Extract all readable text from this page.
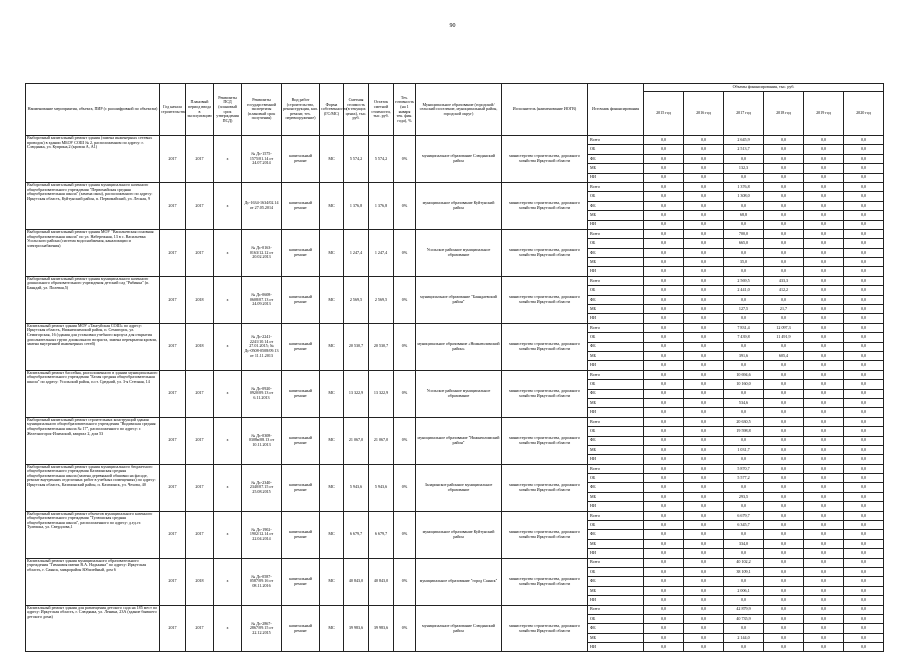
90
Наименование мероприятия, объекта, ПИР (с расшифровкой по объектам)	Год начала строительства	Плановый период ввода в эксплуатацию	Реквизиты ПСД (плановый срок утверждения ПСД)	Реквизиты государственной экспертизы (плановый срок получения)	Вид работ (строительство, реконструкция, кап. ремонт, тех. перевооружение)	Форма собственности (ГС/МС)	Сметная стоимость (в текущих ценах), тыс. руб.	Остаток сметной стоимости, тыс. руб.	Тех. готовность (на 1 января тек. фин. года), %	Муниципальное образование (городской/сельский поселение, муниципальный район, городской округ)	Исполнитель (наименование ИОГВ)	Источник финансирования	Объемы финансирования, тыс. руб.					
													2015 год	2016 год	2017 год	2018 год	2019 год	2020 год
Выборочный капитальный ремонт здания (замена инженерных сетевых проводок) в здании МБОУ СОШ № 2, расположенном по адресу: г. Слюдянка, ул. Куприна,2 (кровля А, А1)	2017	2017	x	№ Дс-1575-1575/01.14 от 24.07.2014	капитальный ремонт	МС	5 574,2	5 574,2	0%	муниципальное образование Слюдянский район	министерство строительства, дорожного хозяйства Иркутской области	Всего	0,0	0,0	2 645,9	0,0	0,0	0,0
												ОБ	0,0	0,0	2 513,7	0,0	0,0	0,0
												ФБ	0,0	0,0	0,0	0,0	0,0	0,0
												МБ	0,0	0,0	132,3	0,0	0,0	0,0
												НИ	0,0	0,0	0,0	0,0	0,0	0,0
Выборочный капитальный ремонт здания муниципального казенного общеобразовательного учреждения "Первомайская средняя общеобразовательная школа" (замена окон), расположенного по адресу: Иркутская область, Куйтунский район, п. Первомайский, ул. Лесная, 9	2017	2017	x	Дс-1634-1634/02.14 от 27.05.2014	капитальный ремонт	МС	1 376,8	1 376,8	0%	муниципальное образование Куйтунский район	министерство строительства, дорожного хозяйства Иркутской области	Всего	0,0	0,0	1 376,8	0,0	0,0	0,0
												ОБ	0,0	0,0	1 308,0	0,0	0,0	0,0
												ФБ	0,0	0,0	0,0	0,0	0,0	0,0
												МБ	0,0	0,0	68,8	0,0	0,0	0,0
												НИ	0,0	0,0	0,0	0,0	0,0	0,0
Выборочный капитальный ремонт здания МОУ "Васильевская основная общеобразовательная школа" по ул. Набережная, 13 в с. Васильевка Усольского района (система водоснабжения, канализации и электроснабжения)	2017	2017	x	№ Дс-0163-0163/12.12 от 20.02.2013	капитальный ремонт	МС	1 247,4	1 247,4	0%	Усольское районное муниципальное образование	министерство строительства, дорожного хозяйства Иркутской области	Всего	0,0	0,0	700,0	0,0	0,0	0,0
												ОБ	0,0	0,0	665,0	0,0	0,0	0,0
												ФБ	0,0	0,0	0,0	0,0	0,0	0,0
												МБ	0,0	0,0	35,0	0,0	0,0	0,0
												НИ	0,0	0,0	0,0	0,0	0,0	0,0
Выборочный капитальный ремонт здания муниципального казенного дошкольного образовательного учреждения детский сад "Рябинка" (п. Баяндай, ул. Полевая,5)	2017	2018	x	№ Дс-0608-0608/07.13 от 24.09.2013	капитальный ремонт	МС	2 569,5	2 569,5	0%	муниципальное образование "Баяндаевский район"	министерство строительства, дорожного хозяйства Иркутской области	Всего	0,0	0,0	2 569,5	433,3	0,0	0,0
												ОБ	0,0	0,0	2 441,0	412,2	0,0	0,0
												ФБ	0,0	0,0	0,0	0,0	0,0	0,0
												МБ	0,0	0,0	127,5	21,7	0,0	0,0
												НИ	0,0	0,0	0,0	0,0	0,0	0,0
Капитальный ремонт здания МОУ «Тангуйская СОШ» по адресу: Иркутская область, Нижнеилимский район, п. Семигорск, ул. Семигорская, 16 (здания для установки учебного корпуса для открытия дополнительных групп дошкольного возраста, замена перекрытия кровли, замена внутренней инженерных сетей)	2017	2018	x	№ Дс-2241-2241/10.14 от 27.01.2015; № Дс-0508-0508/09.13 от 11.11.2013	капитальный ремонт	МС	20 530,7	20 530,7	0%	муниципальное образование «Нижнеилимский район»	министерство строительства, дорожного хозяйства Иркутской области	Всего	0,0	0,0	7 831,4	12 097,3	0,0	0,0
												ОБ	0,0	0,0	7 439,8	11 491,9	0,0	0,0
												ФБ	0,0	0,0	0,0	0,0	0,0	0,0
												МБ	0,0	0,0	391,6	605,4	0,0	0,0
												НИ	0,0	0,0	0,0	0,0	0,0	0,0
Капитальный ремонт бассейна, расположенного в здании муниципального общеобразовательного учреждения "Белая средняя общеобразовательная школа" по адресу: Усольский район, п.ст. Средний, ул. 3-я Степная, 14	2017	2017	x	№ Дс-0920-0920/09.13 от 6.11.2013	капитальный ремонт	МС	13 322,9	13 322,9	0%	Усольское районное муниципальное образование	министерство строительства, дорожного хозяйства Иркутской области	Всего	0,0	0,0	10 694,6	0,0	0,0	0,0
												ОБ	0,0	0,0	10 160,0	0,0	0,0	0,0
												ФБ	0,0	0,0	0,0	0,0	0,0	0,0
												МБ	0,0	0,0	534,6	0,0	0,0	0,0
												НИ	0,0	0,0	0,0	0,0	0,0	0,0
Выборочный капитальный ремонт строительных конструкций здания муниципального общеобразовательного учреждения "Видимская средняя общеобразовательная школа № 17", расположенного по адресу: г. Железногорск-Илимский, квартал 2, дом 53	2017	2017	x	№ Дс-0308-0308в/08.13 от 10.11.2013	капитальный ремонт	МС	21 067,0	21 067,0	0%	муниципальное образование "Нижнеилимский район"	министерство строительства, дорожного хозяйства Иркутской области	Всего	0,0	0,0	20 630,5	0,0	0,0	0,0
												ОБ	0,0	0,0	19 598,8	0,0	0,0	0,0
												ФБ	0,0	0,0	0,0	0,0	0,0	0,0
												МБ	0,0	0,0	1 031,7	0,0	0,0	0,0
												НИ	0,0	0,0	0,0	0,0	0,0	0,0
Выборочный капитальный ремонт здания муниципального бюджетного общеобразовательного учреждения Казачинская средняя общеобразовательная школа (замена деревянной обшивки на фасаде, ремонт внутренних отделочных работ в учебных помещениях) по адресу: Иркутская область, Казачинский район, п. Казачинск, ул. Чехова, 40	2017	2017	x	№ Дс-2340-2340/07.15 от 25.08.2015	капитальный ремонт	МС	5 943,6	5 943,6	0%	Заларинское районное муниципальное образование	министерство строительства, дорожного хозяйства Иркутской области	Всего	0,0	0,0	5 870,7	0,0	0,0	0,0
												ОБ	0,0	0,0	5 577,2	0,0	0,0	0,0
												ФБ	0,0	0,0	0,0	0,0	0,0	0,0
												МБ	0,0	0,0	293,5	0,0	0,0	0,0
												НИ	0,0	0,0	0,0	0,0	0,0	0,0
Выборочный капитальный ремонт объектов муниципального казенного общеобразовательного учреждения "Тулюшская средняя общеобразовательная школа", расположенного по адресу: д.ед.ст. Тулюшка, ул. Свердлова,1	2017	2017	x	№ Дс-1902-1902/12.14 от 22.04.2014	капитальный ремонт	МС	6 679,7	6 679,7	0%	муниципальное образование Куйтунский район	министерство строительства, дорожного хозяйства Иркутской области	Всего	0,0	0,0	6 679,7	0,0	0,0	0,0
												ОБ	0,0	0,0	6 345,7	0,0	0,0	0,0
												ФБ	0,0	0,0	0,0	0,0	0,0	0,0
												МБ	0,0	0,0	334,0	0,0	0,0	0,0
												НИ	0,0	0,0	0,0	0,0	0,0	0,0
Капитальный ремонт здания муниципального образовательного учреждения "Гимназия имени В.А. Надькина" по адресу: Иркутская область, г. Саянск, микрорайон Юбилейный, дом 6	2017	2018	x	№ Дс-0587-0587/09.16 от 08.11.2016	капитальный ремонт	МС	40 843,0	40 843,0	0%	муниципальное образование "город Саянск"	министерство строительства, дорожного хозяйства Иркутской области	Всего	0,0	0,0	40 102,2	0,0	0,0	0,0
												ОБ	0,0	0,0	38 109,1	0,0	0,0	0,0
												ФБ	0,0	0,0	0,0	0,0	0,0	0,0
												МБ	0,0	0,0	2 006,1	0,0	0,0	0,0
												НИ	0,0	0,0	0,0	0,0	0,0	0,0
Капитальный ремонт здания для размещения детского сада на 185 мест по адресу: Иркутская область, г. Слюдянка, ул. Ленина, 23А (здание бывшего детского дома)	2017	2017	x	№ Дс-2867-2867/09.15 от 22.12.2015	капитальный ремонт	МС	39 983,6	39 983,6	0%	муниципальное образование Слюдянский район	министерство строительства, дорожного хозяйства Иркутской области	Всего	0,0	0,0	42 879,9	0,0	0,0	0,0
												ОБ	0,0	0,0	40 735,9	0,0	0,0	0,0
												ФБ	0,0	0,0	0,0	0,0	0,0	0,0
												МБ	0,0	0,0	2 144,0	0,0	0,0	0,0
												НИ	0,0	0,0	0,0	0,0	0,0	0,0
